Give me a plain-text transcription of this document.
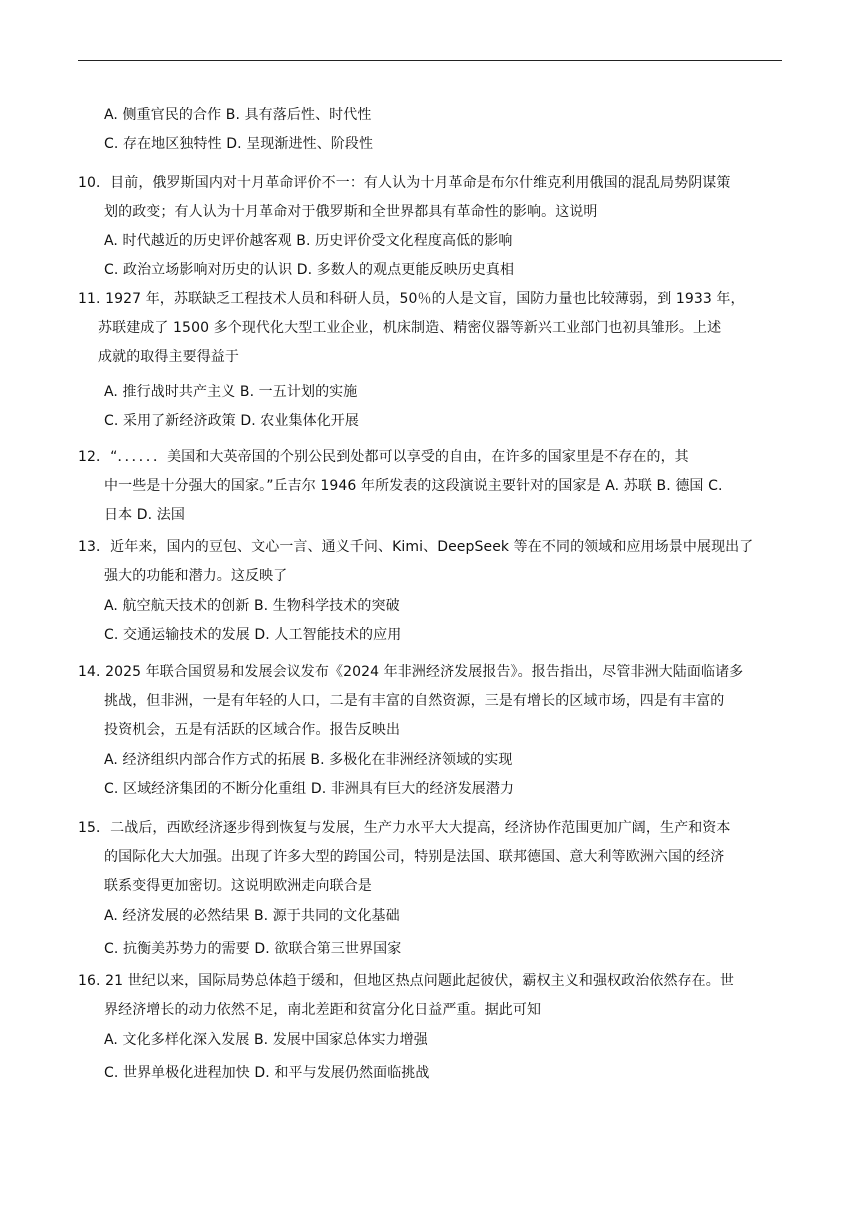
A. 侧重官民的合作 B. 具有落后性、时代性
C. 存在地区独特性 D. 呈现渐进性、阶段性
10．目前，俄罗斯国内对十月革命评价不一：有人认为十月革命是布尔什维克利用俄国的混乱局势阴谋策
划的政变；有人认为十月革命对于俄罗斯和全世界都具有革命性的影响。这说明
A. 时代越近的历史评价越客观 B. 历史评价受文化程度高低的影响
C. 政治立场影响对历史的认识 D. 多数人的观点更能反映历史真相
11. 1927 年，苏联缺乏工程技术人员和科研人员，50％的人是文盲，国防力量也比较薄弱，到 1933 年，
苏联建成了 1500 多个现代化大型工业企业，机床制造、精密仪器等新兴工业部门也初具雏形。上述
成就的取得主要得益于
A. 推行战时共产主义 B. 一五计划的实施
C. 采用了新经济政策 D. 农业集体化开展
12．“．．．．．．美国和大英帝国的个别公民到处都可以享受的自由，在许多的国家里是不存在的，其
中一些是十分强大的国家。”丘吉尔 1946 年所发表的这段演说主要针对的国家是 A. 苏联 B. 德国 C.
日本 D. 法国
13．近年来，国内的豆包、文心一言、通义千问、Kimi、DeepSeek 等在不同的领域和应用场景中展现出了
强大的功能和潜力。这反映了
A. 航空航天技术的创新 B. 生物科学技术的突破
C. 交通运输技术的发展 D. 人工智能技术的应用
14. 2025 年联合国贸易和发展会议发布《2024 年非洲经济发展报告》。报告指出，尽管非洲大陆面临诸多
挑战，但非洲，一是有年轻的人口，二是有丰富的自然资源，三是有增长的区域市场，四是有丰富的
投资机会，五是有活跃的区域合作。报告反映出
A. 经济组织内部合作方式的拓展 B. 多极化在非洲经济领域的实现
C. 区域经济集团的不断分化重组 D. 非洲具有巨大的经济发展潜力
15．二战后，西欧经济逐步得到恢复与发展，生产力水平大大提高，经济协作范围更加广阔，生产和资本
的国际化大大加强。出现了许多大型的跨国公司，特别是法国、联邦德国、意大利等欧洲六国的经济
联系变得更加密切。这说明欧洲走向联合是
A. 经济发展的必然结果 B. 源于共同的文化基础
C. 抗衡美苏势力的需要 D. 欲联合第三世界国家
16. 21 世纪以来，国际局势总体趋于缓和，但地区热点问题此起彼伏，霸权主义和强权政治依然存在。世
界经济增长的动力依然不足，南北差距和贫富分化日益严重。据此可知
A. 文化多样化深入发展 B. 发展中国家总体实力增强
C. 世界单极化进程加快 D. 和平与发展仍然面临挑战
